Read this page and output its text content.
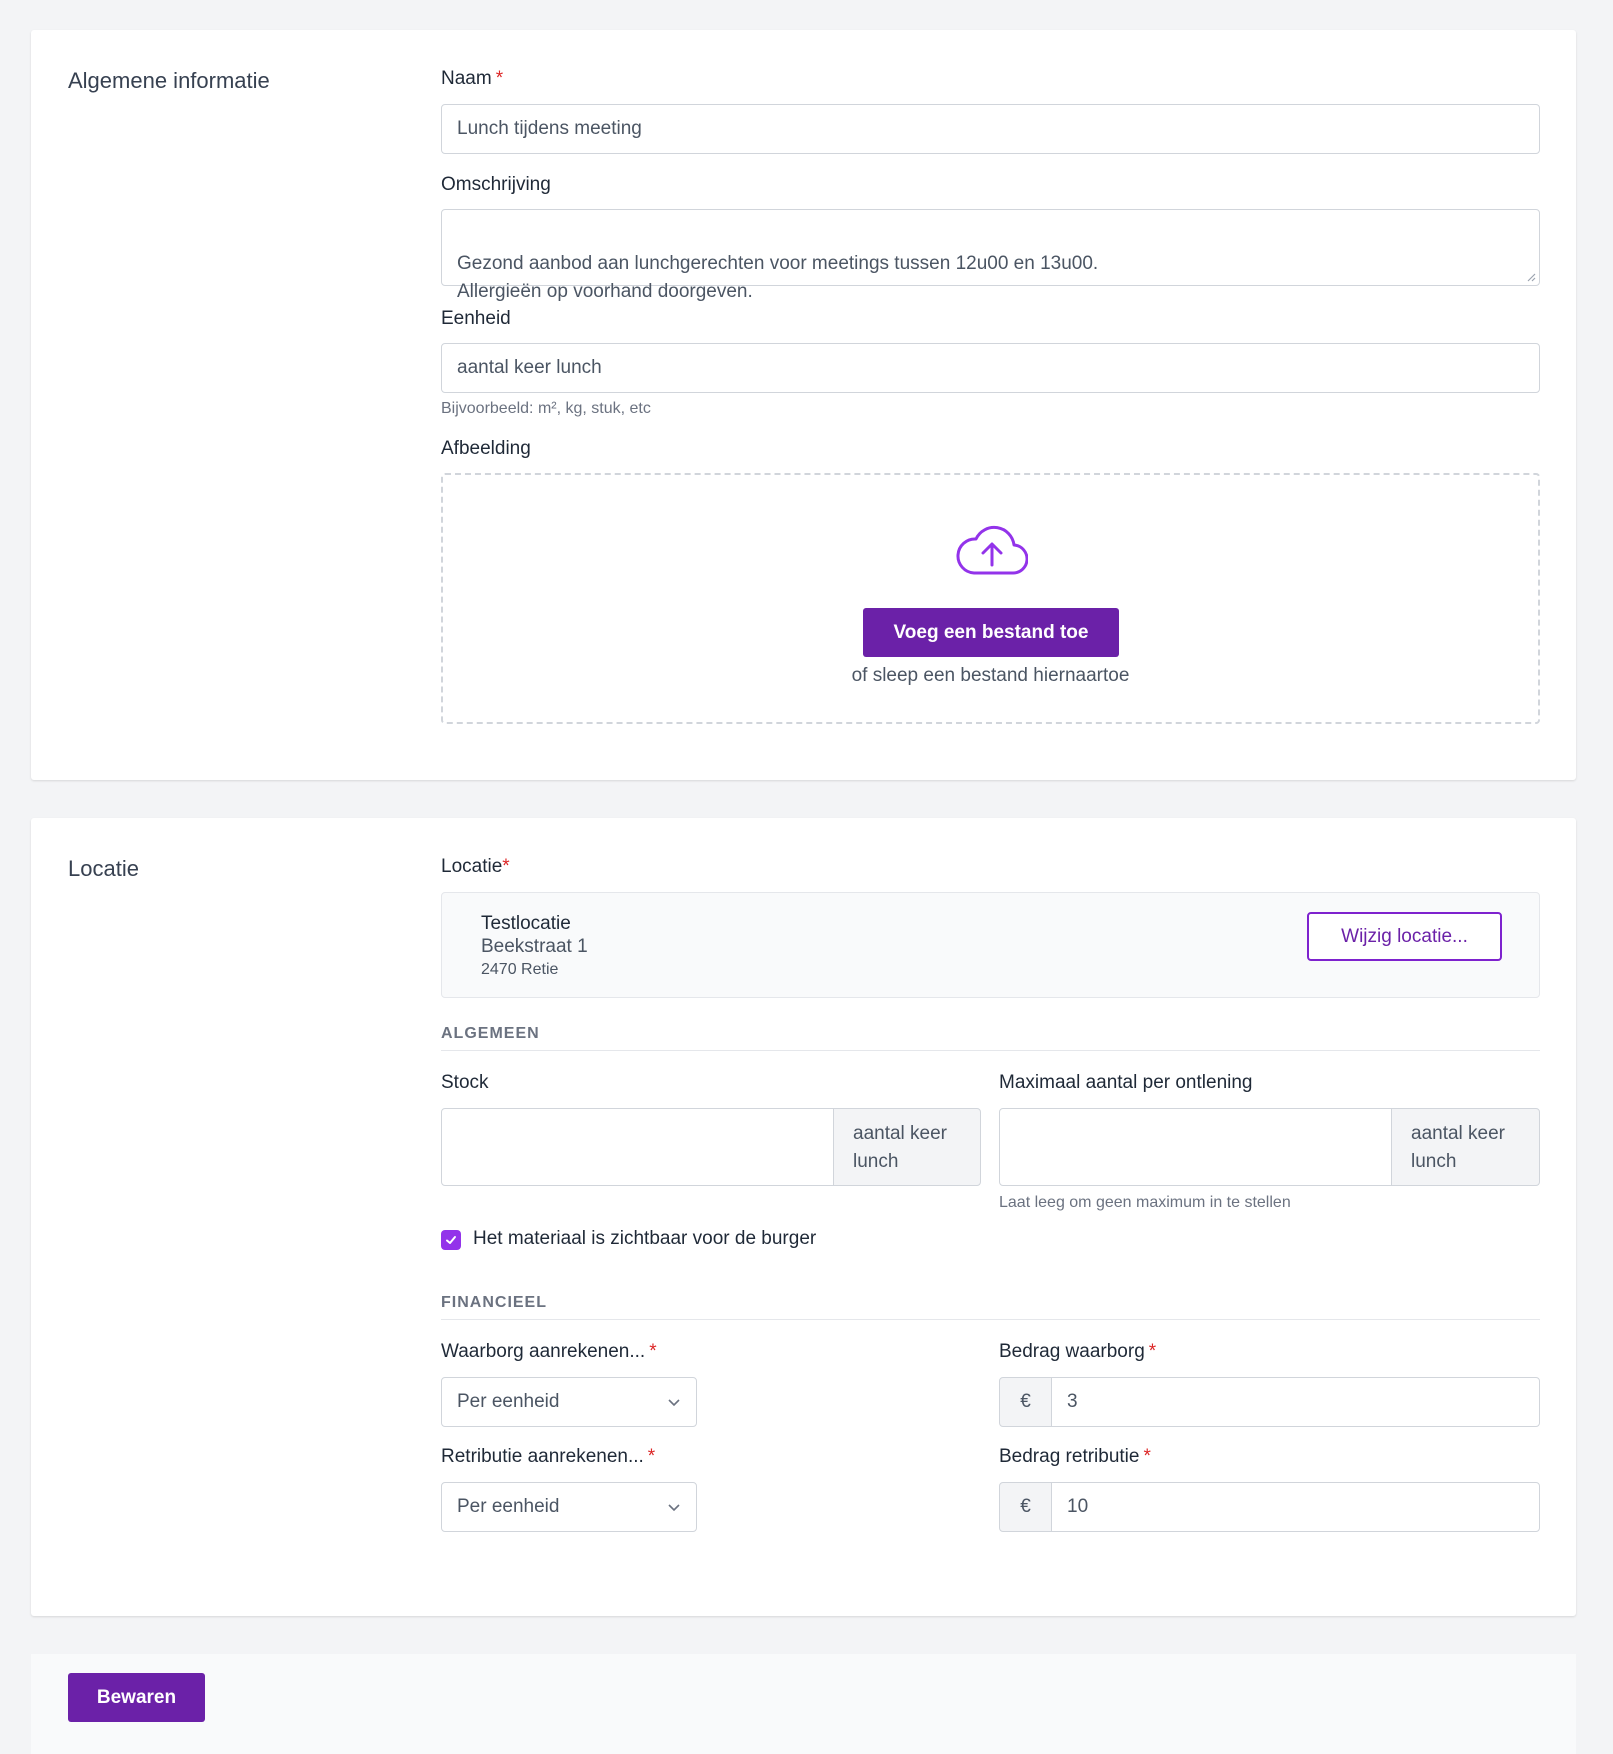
Algemene informatie	Naam *
Lunch tijdens meeting
Omschrijving

Gezond aanbod aan lunchgerechten voor meetings tussen 12u00 en 13u00.
Allergieën op voorhand doorgeven.

Eenheid
aantal keer lunch
Bijvoorbeeld: m², kg, stuk, etc
Afbeelding
Voeg een bestand toe
of sleep een bestand hiernaartoe
Locatie	Locatie*
Testlocatie
Beekstraat 1
2470 Retie
Wijzig locatie...
ALGEMEEN
Stock
aantal keer lunch
Maximaal aantal per ontlening
aantal keer lunch
Laat leeg om geen maximum in te stellen
Het materiaal is zichtbaar voor de burger
FINANCIEEL
Waarborg aanrekenen... *
Per eenheid
Bedrag waarborg *
€	3
Retributie aanrekenen... *
Per eenheid
Bedrag retributie *
€	10
Bewaren
